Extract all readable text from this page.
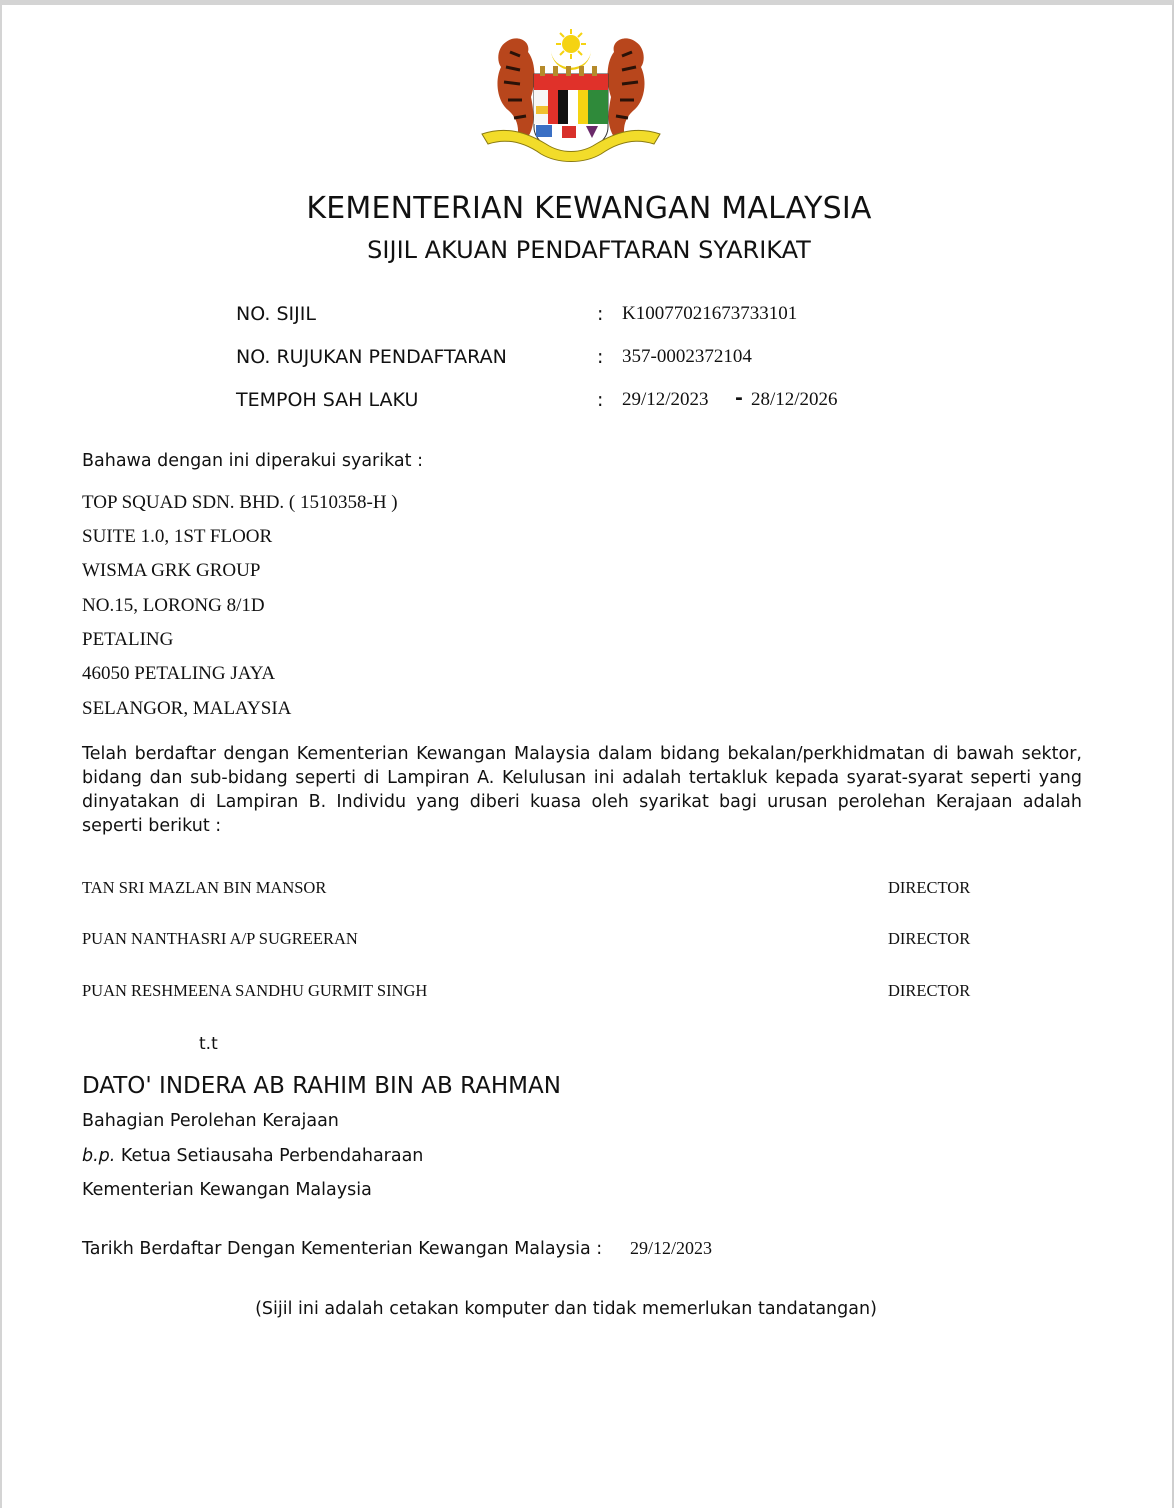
KEMENTERIAN KEWANGAN MALAYSIA
SIJIL AKUAN PENDAFTARAN SYARIKAT
NO. SIJIL	: K10077021673733101
NO. RUJUKAN PENDAFTARAN	: 357-0002372104
TEMPOH SAH LAKU	: 29/12/2023 - 28/12/2026
Bahawa dengan ini diperakui syarikat :
TOP SQUAD SDN. BHD. ( 1510358-H )
SUITE 1.0, 1ST FLOOR
WISMA GRK GROUP
NO.15, LORONG 8/1D
PETALING
46050 PETALING JAYA
SELANGOR, MALAYSIA
Telah berdaftar dengan Kementerian Kewangan Malaysia dalam bidang bekalan/perkhidmatan di bawah sektor, bidang dan sub-bidang seperti di Lampiran A. Kelulusan ini adalah tertakluk kepada syarat-syarat seperti yang dinyatakan di Lampiran B. Individu yang diberi kuasa oleh syarikat bagi urusan perolehan Kerajaan adalah seperti berikut :
TAN SRI MAZLAN BIN MANSOR	DIRECTOR
PUAN NANTHASRI A/P SUGREERAN	DIRECTOR
PUAN RESHMEENA SANDHU GURMIT SINGH	DIRECTOR
t.t
DATO' INDERA AB RAHIM BIN AB RAHMAN
Bahagian Perolehan Kerajaan
b.p. Ketua Setiausaha Perbendaharaan
Kementerian Kewangan Malaysia
Tarikh Berdaftar Dengan Kementerian Kewangan Malaysia : 29/12/2023
(Sijil ini adalah cetakan komputer dan tidak memerlukan tandatangan)
